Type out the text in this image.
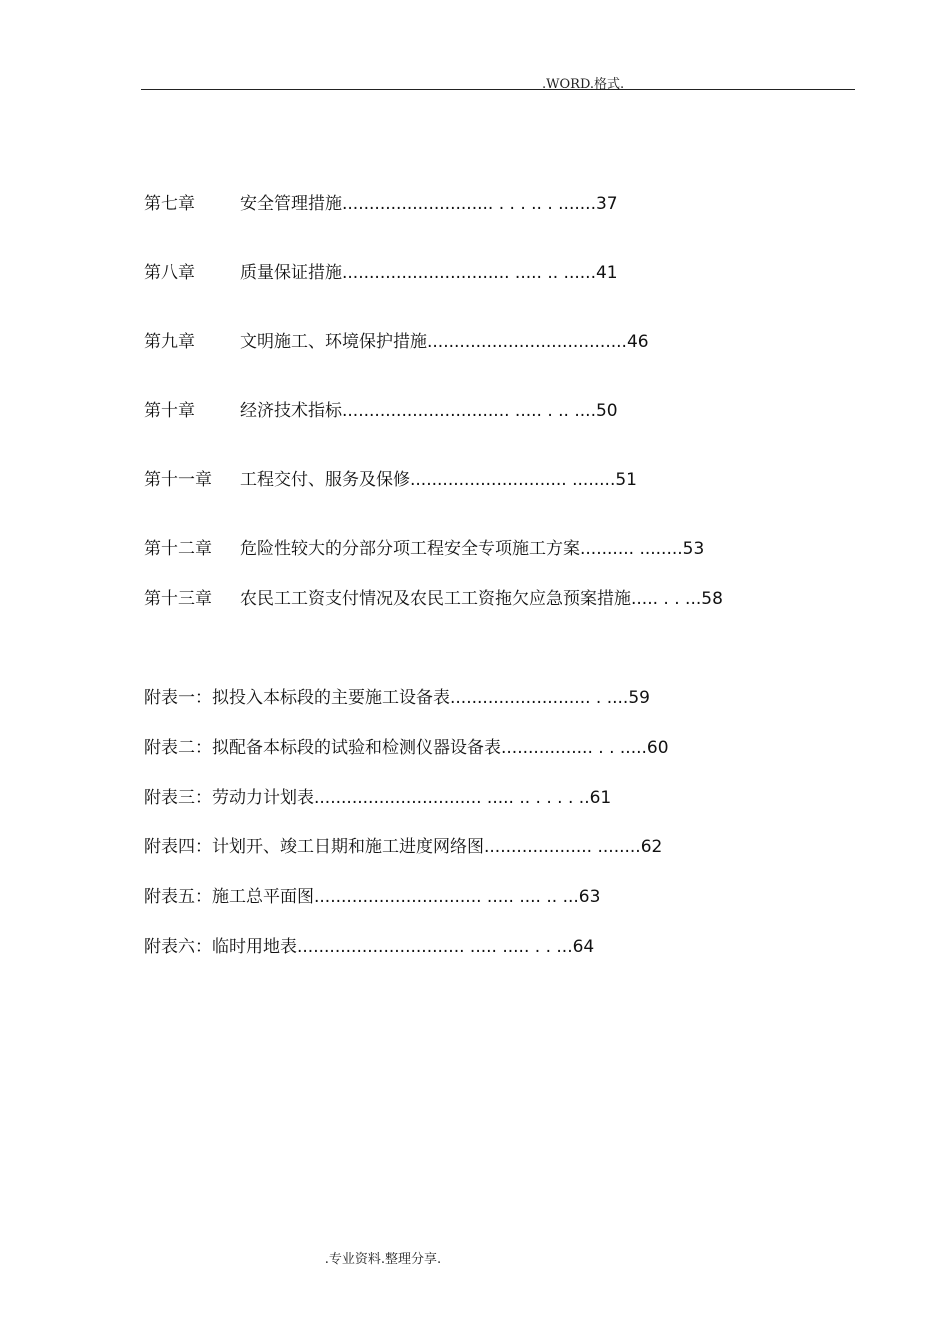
.WORD.格式.
第七章	安全管理措施............................ . . . .. . .......37
第八章	质量保证措施............................... ..... .. ......41
第九章	文明施工、环境保护措施.....................................46
第十章	经济技术指标............................... ..... . .. ....50
第十一章 工程交付、服务及保修............................. ........51
第十二章 危险性较大的分部分项工程安全专项施工方案.......... ........53
第十三章 农民工工资支付情况及农民工工资拖欠应急预案措施..... . . ...58
附表一：拟投入本标段的主要施工设备表.......................... . ....59
附表二：拟配备本标段的试验和检测仪器设备表................. . . .....60
附表三：劳动力计划表............................... ..... .. . . . . ..61
附表四：计划开、竣工日期和施工进度网络图.................... ........62
附表五：施工总平面图............................... ..... .... .. ...63
附表六：临时用地表............................... ..... ..... . . ...64
.专业资料.整理分享.
